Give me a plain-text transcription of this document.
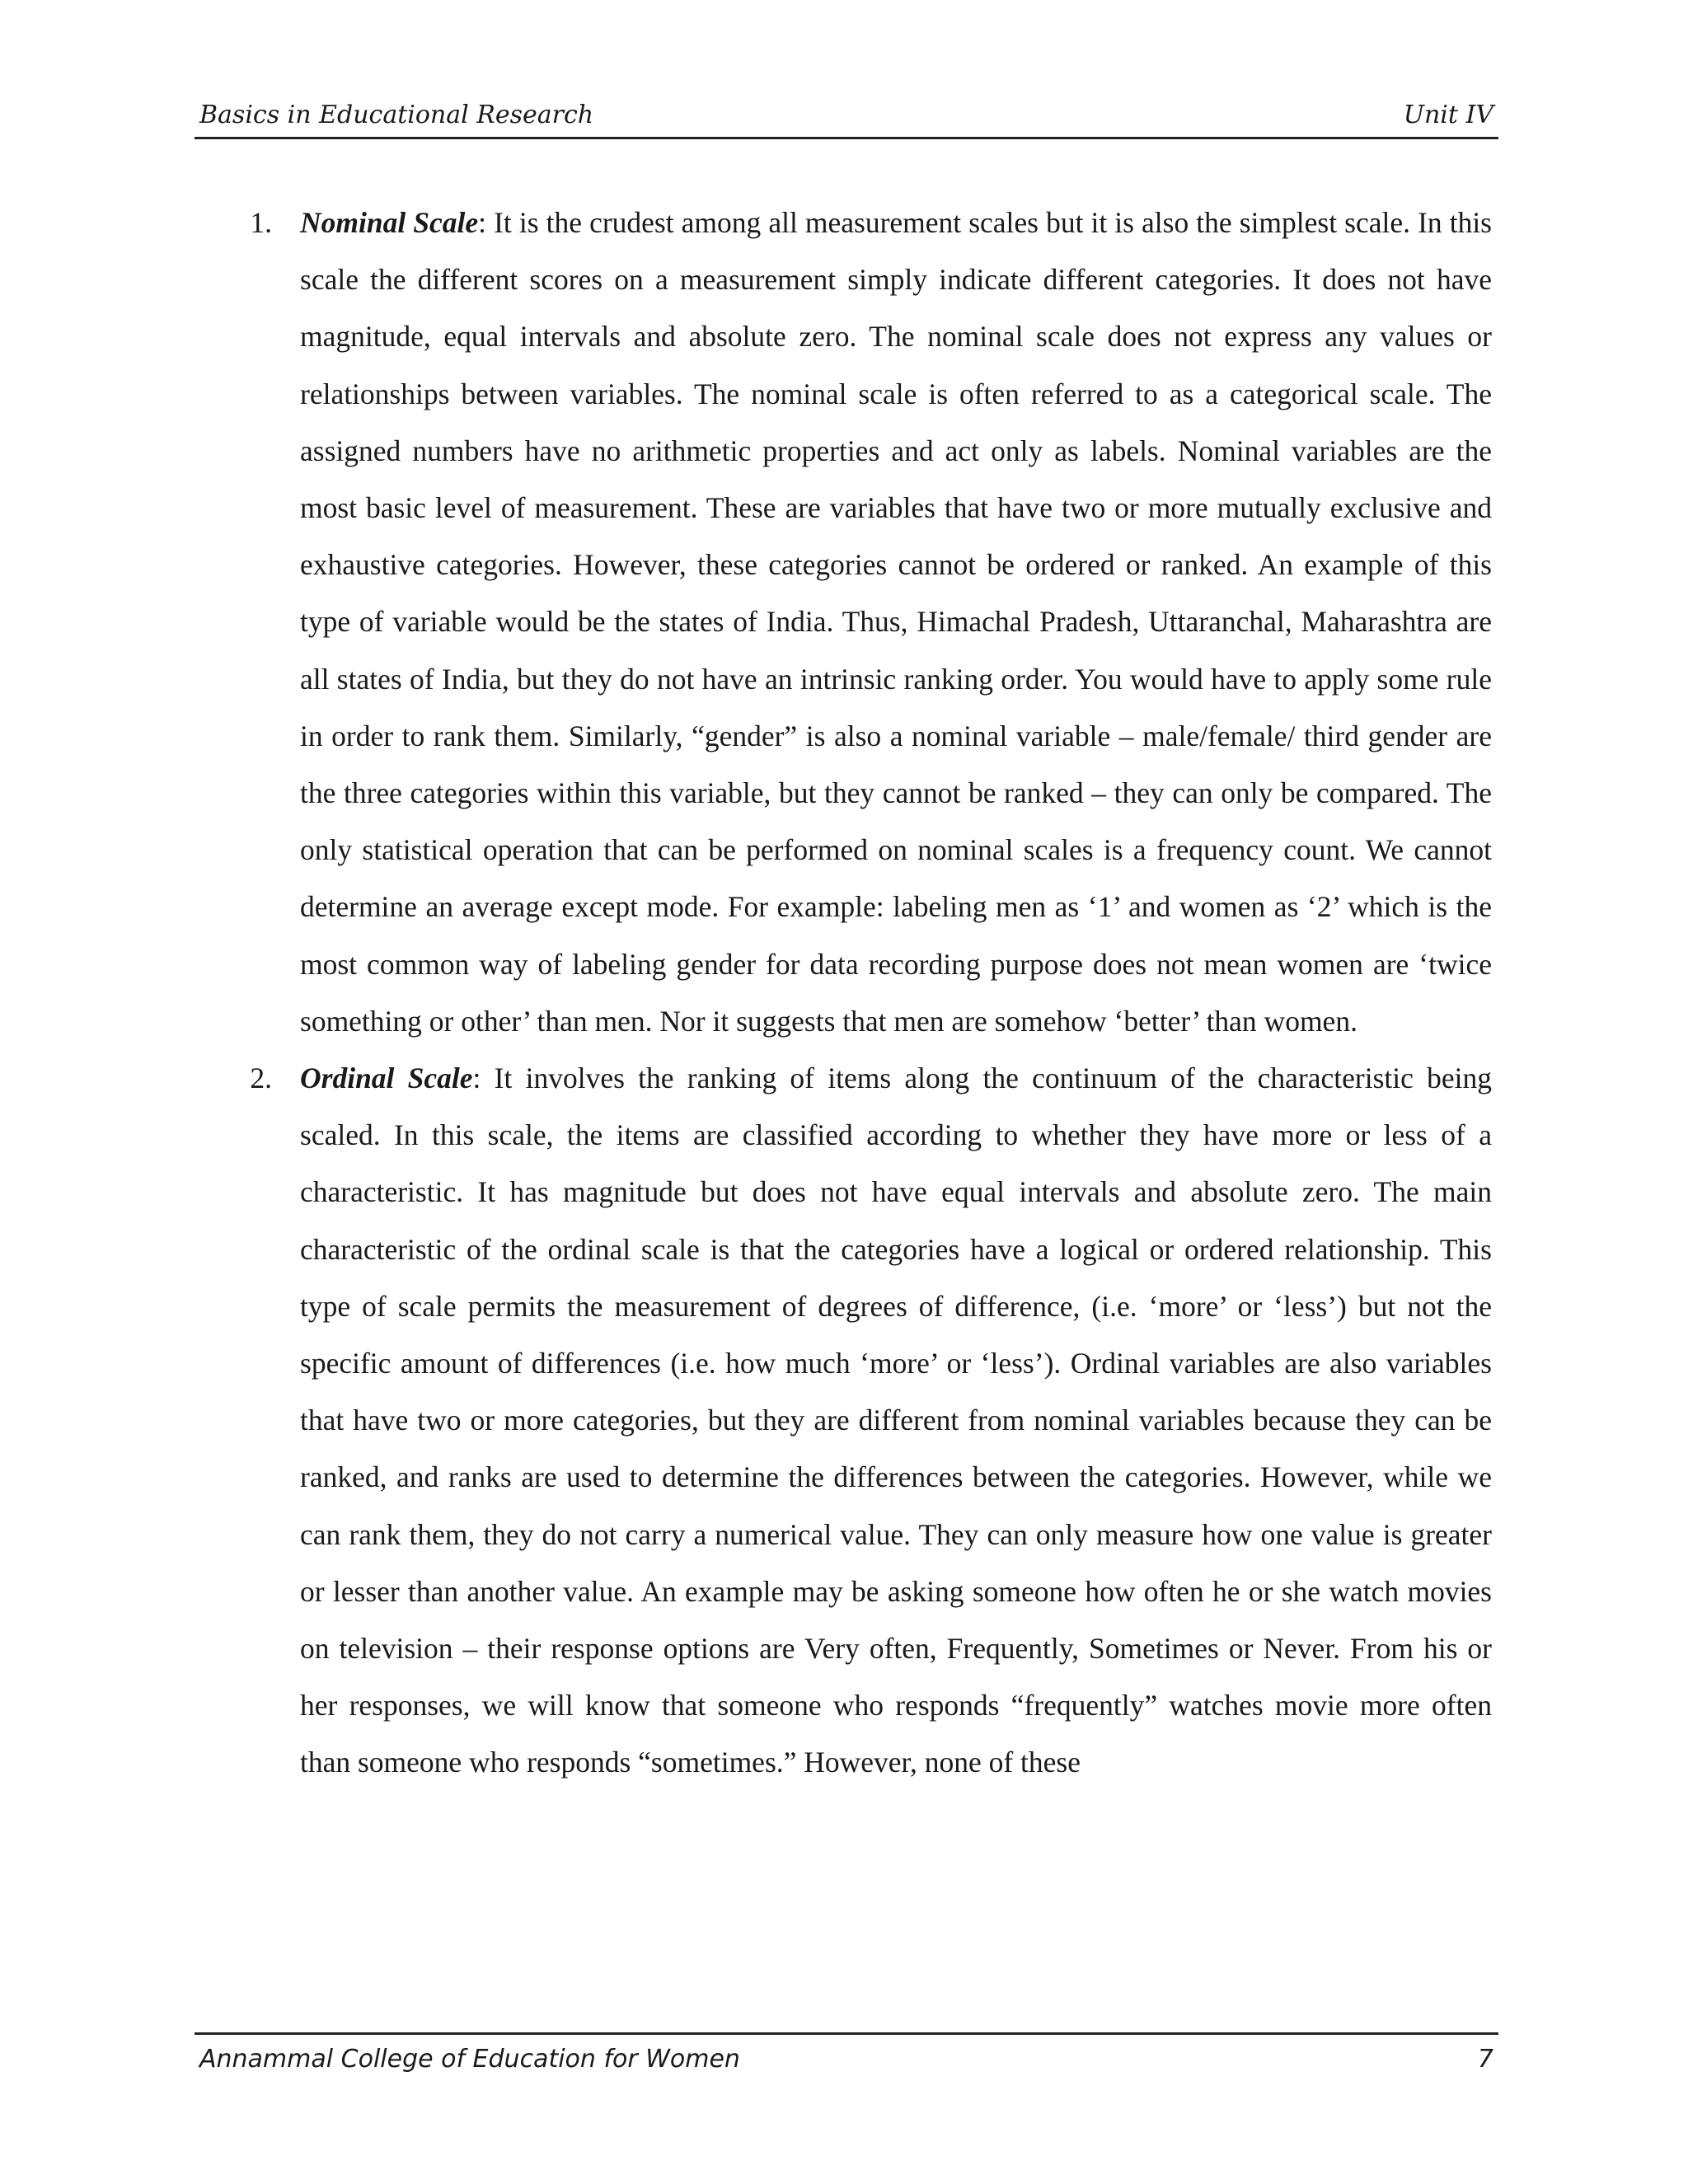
Basics in Educational Research	Unit IV
1. Nominal Scale: It is the crudest among all measurement scales but it is also the simplest scale. In this scale the different scores on a measurement simply indicate different categories. It does not have magnitude, equal intervals and absolute zero. The nominal scale does not express any values or relationships between variables. The nominal scale is often referred to as a categorical scale. The assigned numbers have no arithmetic properties and act only as labels. Nominal variables are the most basic level of measurement. These are variables that have two or more mutually exclusive and exhaustive categories. However, these categories cannot be ordered or ranked. An example of this type of variable would be the states of India. Thus, Himachal Pradesh, Uttaranchal, Maharashtra are all states of India, but they do not have an intrinsic ranking order. You would have to apply some rule in order to rank them. Similarly, “gender” is also a nominal variable – male/female/ third gender are the three categories within this variable, but they cannot be ranked – they can only be compared. The only statistical operation that can be performed on nominal scales is a frequency count. We cannot determine an average except mode. For example: labeling men as ‘1’ and women as ‘2’ which is the most common way of labeling gender for data recording purpose does not mean women are ‘twice something or other’ than men. Nor it suggests that men are somehow ‘better’ than women.
2. Ordinal Scale: It involves the ranking of items along the continuum of the characteristic being scaled. In this scale, the items are classified according to whether they have more or less of a characteristic. It has magnitude but does not have equal intervals and absolute zero. The main characteristic of the ordinal scale is that the categories have a logical or ordered relationship. This type of scale permits the measurement of degrees of difference, (i.e. ‘more’ or ‘less’) but not the specific amount of differences (i.e. how much ‘more’ or ‘less’). Ordinal variables are also variables that have two or more categories, but they are different from nominal variables because they can be ranked, and ranks are used to determine the differences between the categories. However, while we can rank them, they do not carry a numerical value. They can only measure how one value is greater or lesser than another value. An example may be asking someone how often he or she watch movies on television – their response options are Very often, Frequently, Sometimes or Never. From his or her responses, we will know that someone who responds “frequently” watches movie more often than someone who responds “sometimes.” However, none of these
Annammal College of Education for Women	7
